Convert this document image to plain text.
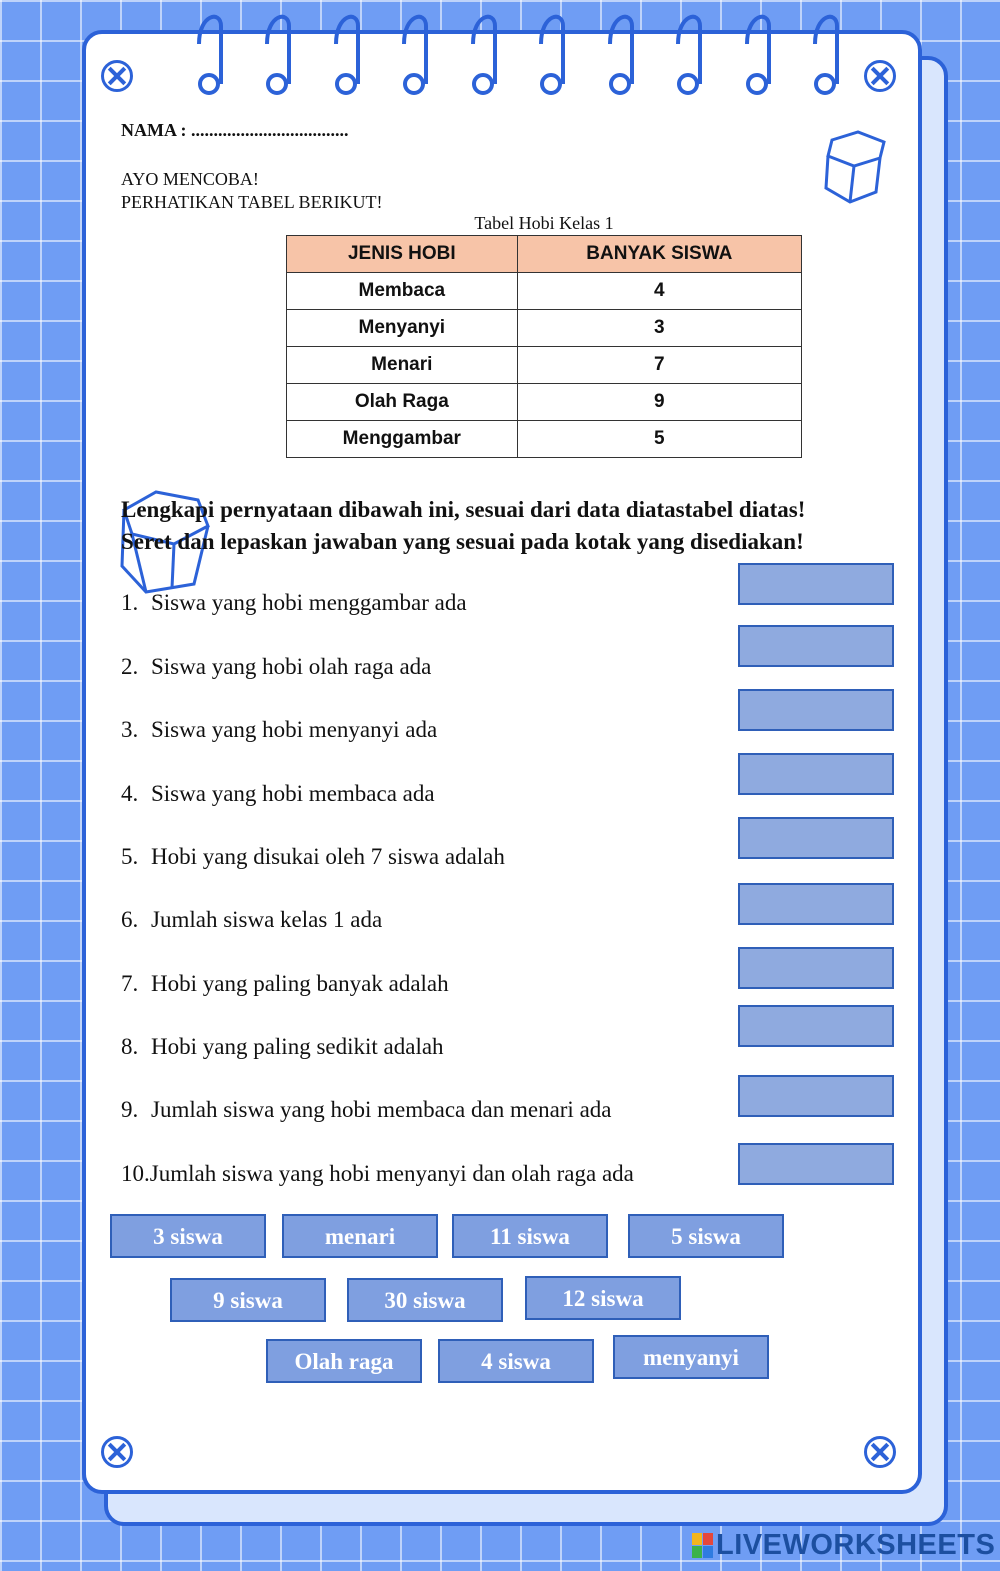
NAMA : ...................................
AYO MENCOBA!
PERHATIKAN TABEL BERIKUT!
Tabel Hobi Kelas 1
JENIS HOBI	BANYAK SISWA
Membaca	4
Menyanyi	3
Menari	7
Olah Raga	9
Menggambar	5
Lengkapi pernyataan dibawah ini, sesuai dari data diatastabel diatas!
Seret dan lepaskan jawaban yang sesuai pada kotak yang disediakan!
1. Siswa yang hobi menggambar ada
2. Siswa yang hobi olah raga ada
3. Siswa yang hobi menyanyi ada
4. Siswa yang hobi membaca ada
5. Hobi yang disukai oleh 7 siswa adalah
6. Jumlah siswa kelas 1 ada
7. Hobi yang paling banyak adalah
8. Hobi yang paling sedikit adalah
9. Jumlah siswa yang hobi membaca dan menari ada
10.Jumlah siswa yang hobi menyanyi dan olah raga ada
3 siswa	menari	11 siswa	5 siswa
9 siswa	30 siswa	12 siswa
Olah raga	4 siswa	menyanyi
LIVEWORKSHEETS
